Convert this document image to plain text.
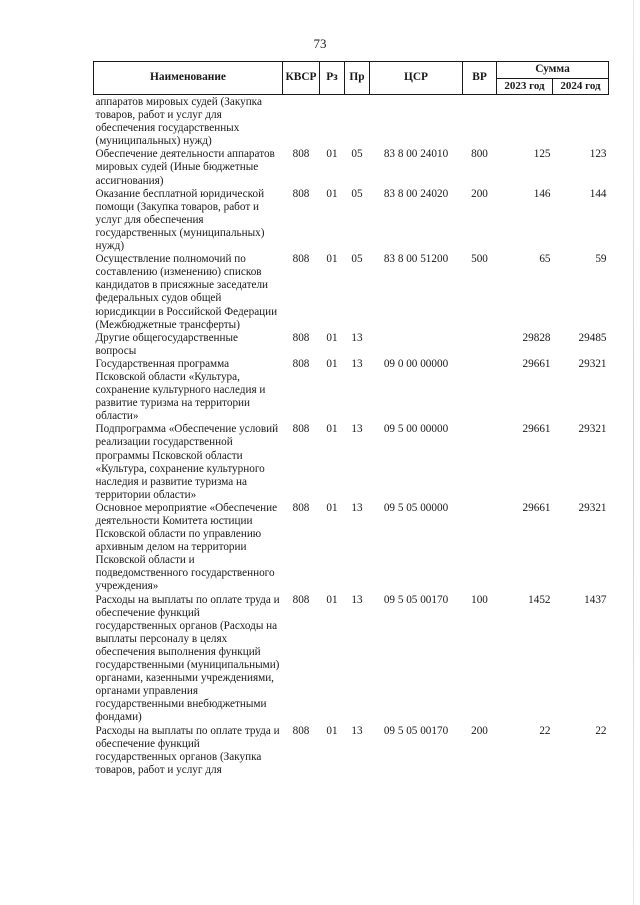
73
Наименование	КВСР	Рз	Пр	ЦСР	ВР	Сумма	
						2023 год	2024 год
аппаратов мировых судей (Закупка товаров, работ и услуг для обеспечения государственных (муниципальных) нужд)							
Обеспечение деятельности аппаратов мировых судей (Иные бюджетные ассигнования)	808	01	05	83 8 00 24010	800	125	123
Оказание бесплатной юридической помощи (Закупка товаров, работ и услуг для обеспечения государственных (муниципальных) нужд)	808	01	05	83 8 00 24020	200	146	144
Осуществление полномочий по составлению (изменению) списков кандидатов в присяжные заседатели федеральных судов общей юрисдикции в Российской Федерации (Межбюджетные трансферты)	808	01	05	83 8 00 51200	500	65	59
Другие общегосударственные вопросы	808	01	13			29828	29485
Государственная программа Псковской области «Культура, сохранение культурного наследия и развитие туризма на территории области»	808	01	13	09 0 00 00000		29661	29321
Подпрограмма «Обеспечение условий реализации государственной программы Псковской области «Культура, сохранение культурного наследия и развитие туризма на территории области»	808	01	13	09 5 00 00000		29661	29321
Основное мероприятие «Обеспечение деятельности Комитета юстиции Псковской области по управлению архивным делом на территории Псковской области и подведомственного государственного учреждения»	808	01	13	09 5 05 00000		29661	29321
Расходы на выплаты по оплате труда и обеспечение функций государственных органов (Расходы на выплаты персоналу в целях обеспечения выполнения функций государственными (муниципальными) органами, казенными учреждениями, органами управления государственными внебюджетными фондами)	808	01	13	09 5 05 00170	100	1452	1437
Расходы на выплаты по оплате труда и обеспечение функций государственных органов (Закупка товаров, работ и услуг для	808	01	13	09 5 05 00170	200	22	22
